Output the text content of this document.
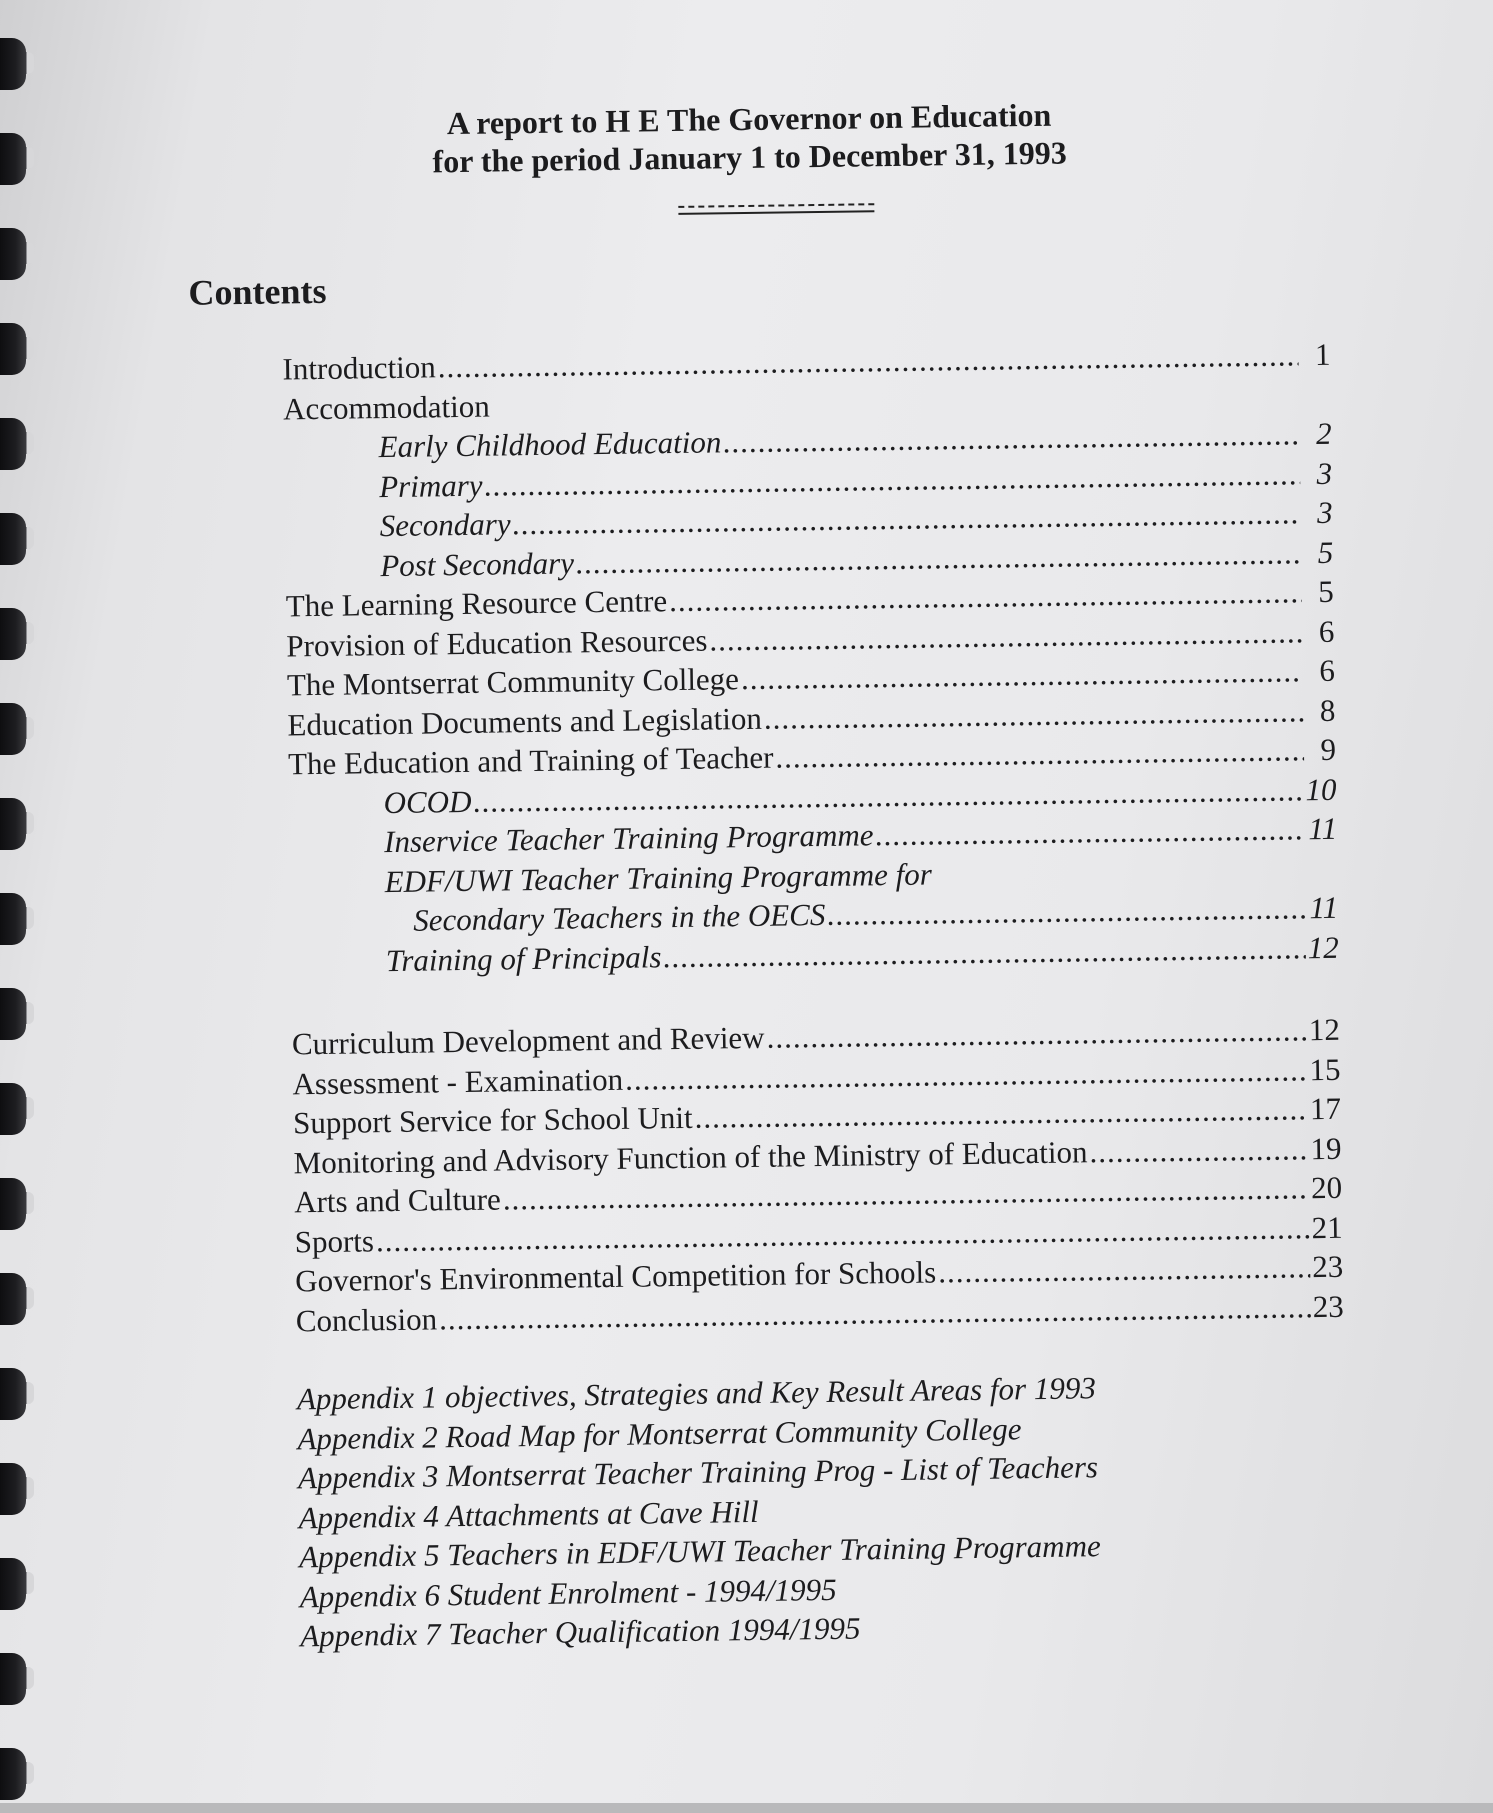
A report to H E The Governor on Education
for the period January 1 to December 31, 1993
Contents
Introduction .....	1
Accommodation
Early Childhood Education .....	2
Primary .....	3
Secondary .....	3
Post Secondary .....	5
The Learning Resource Centre .....	5
Provision of Education Resources .....	6
The Montserrat Community College .....	6
Education Documents and Legislation .....	8
The Education and Training of Teacher .....	9
OCOD .....	10
Inservice Teacher Training Programme .....	11
EDF/UWI Teacher Training Programme for
Secondary Teachers in the OECS .....	11
Training of Principals .....	12
Curriculum Development and Review .....	12
Assessment - Examination .....	15
Support Service for School Unit .....	17
Monitoring and Advisory Function of the Ministry of Education .....	19
Arts and Culture .....	20
Sports .....	21
Governor's Environmental Competition for Schools .....	23
Conclusion .....	23
Appendix 1 objectives, Strategies and Key Result Areas for 1993
Appendix 2 Road Map for Montserrat Community College
Appendix 3 Montserrat Teacher Training Prog - List of Teachers
Appendix 4 Attachments at Cave Hill
Appendix 5 Teachers in EDF/UWI Teacher Training Programme
Appendix 6 Student Enrolment - 1994/1995
Appendix 7 Teacher Qualification 1994/1995
